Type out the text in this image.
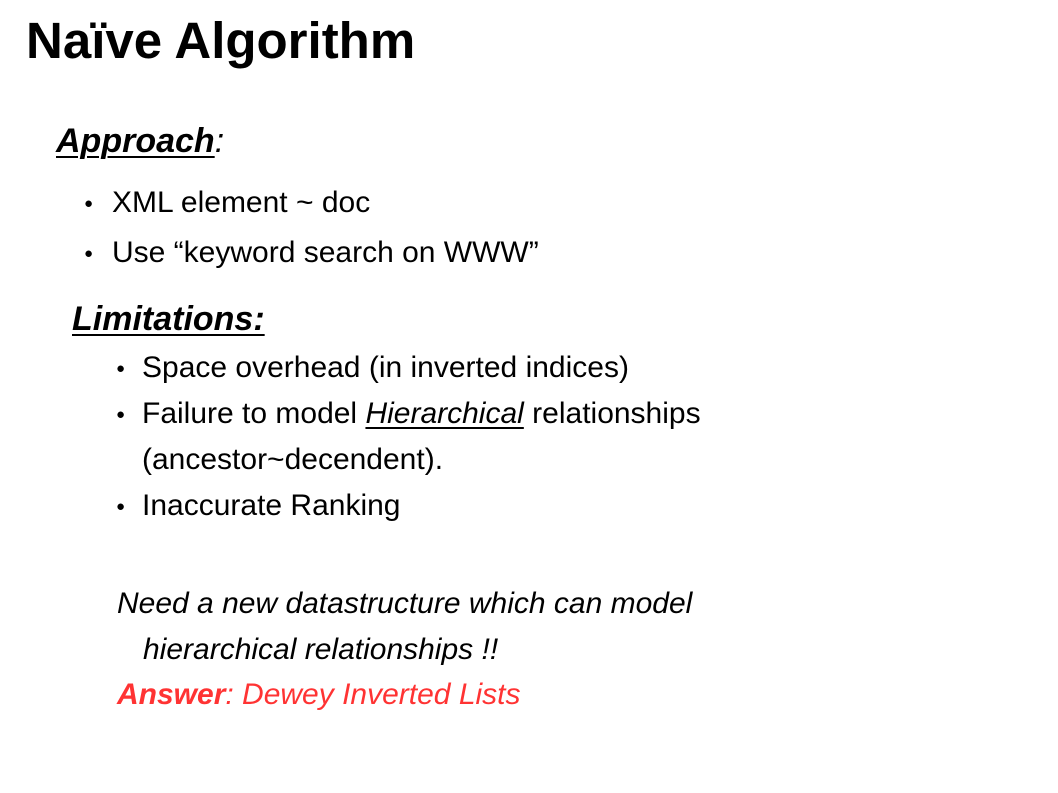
Naïve Algorithm
Approach:
● XML element ~ doc
● Use “keyword search on WWW”
Limitations:
● Space overhead (in inverted indices)
● Failure to model Hierarchical relationships
(ancestor~decendent).
● Inaccurate Ranking

Need a new datastructure which can model
hierarchical relationships !!

Answer: Dewey Inverted Lists
